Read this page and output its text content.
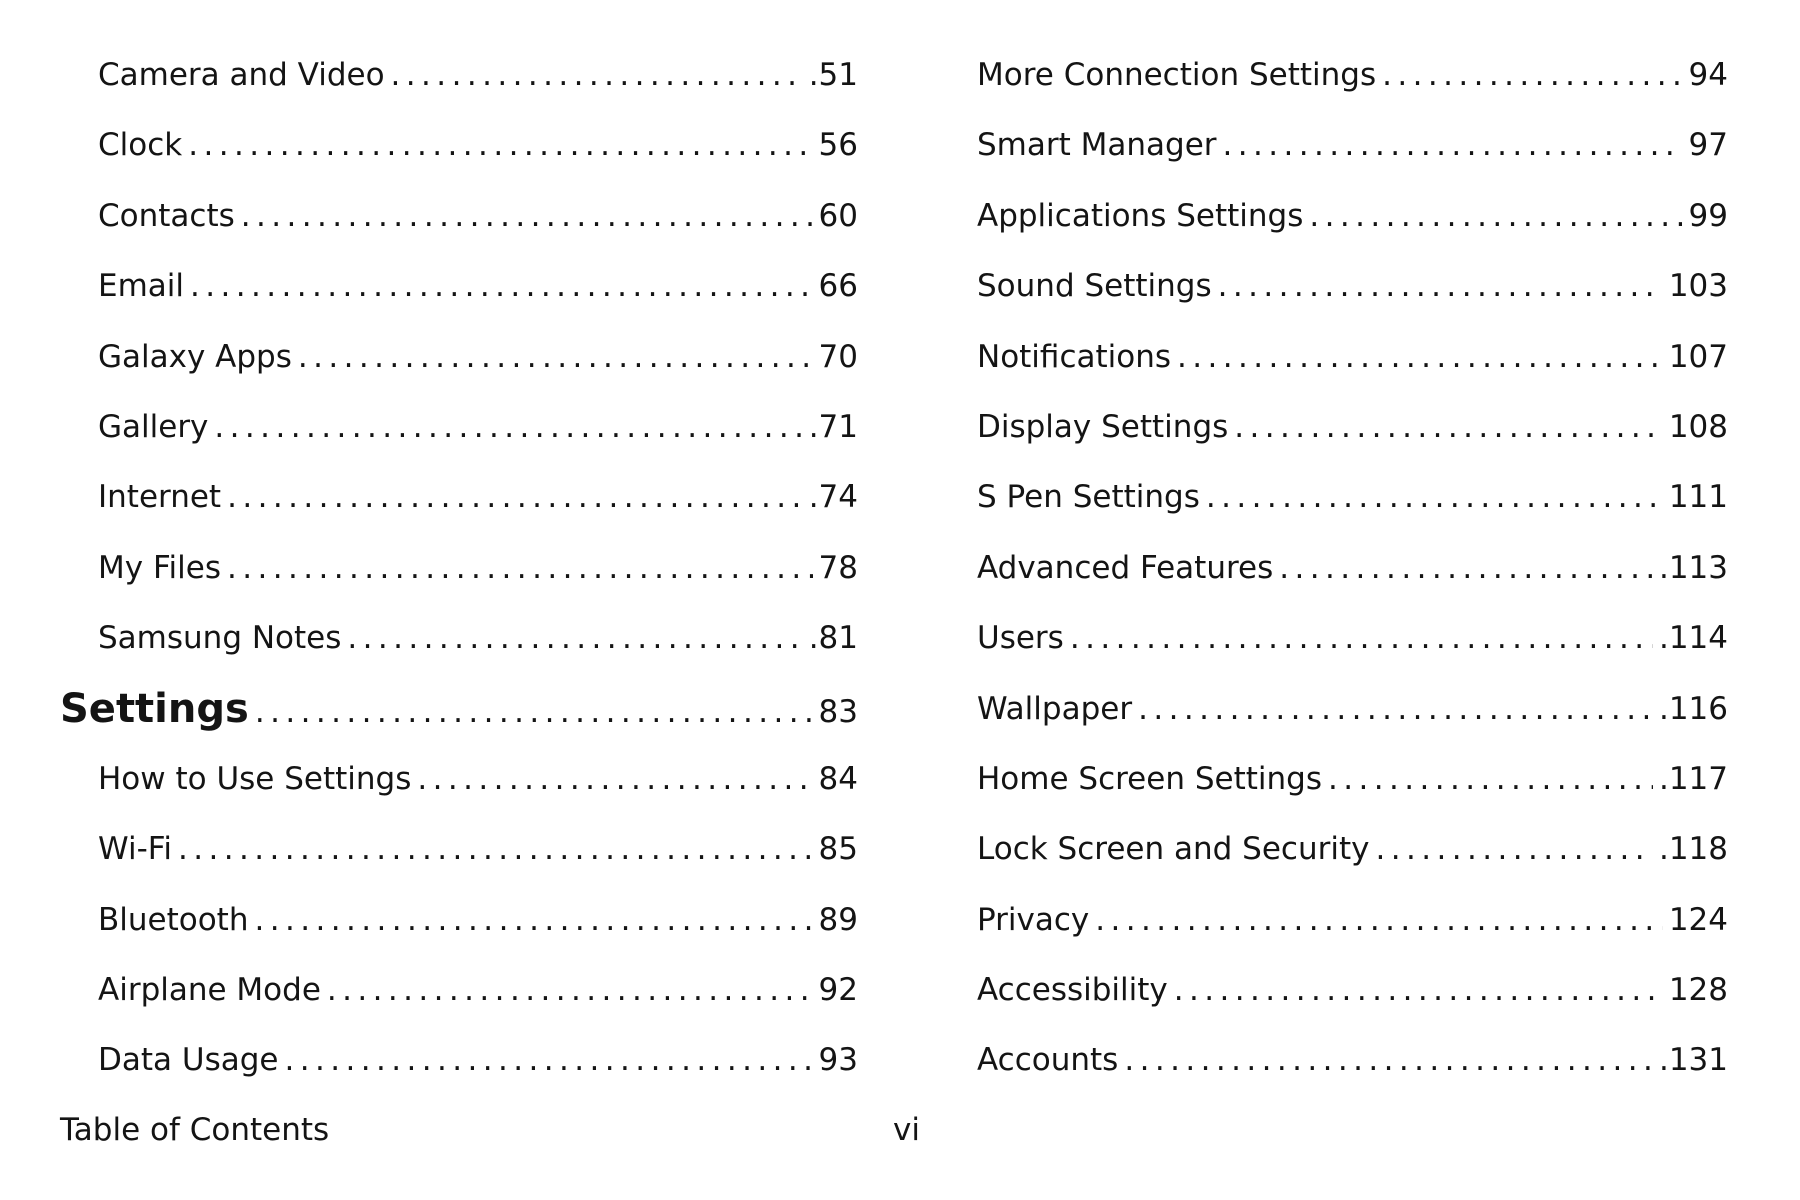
Camera and Video .....	.51
Clock .....	56
Contacts .....	60
Email .....	66
Galaxy Apps .....	70
Gallery .....	.71
Internet .....	.74
My Files .....	78
Samsung Notes .....	.81
Settings .....	83
How to Use Settings .....	84
Wi-Fi .....	85
Bluetooth .....	89
Airplane Mode .....	92
Data Usage .....	93
More Connection Settings .....	94
Smart Manager .....	97
Applications Settings .....	99
Sound Settings .....	103
Notifications .....	107
Display Settings .....	108
S Pen Settings .....	111
Advanced Features .....	.113
Users .....	.114
Wallpaper .....	.116
Home Screen Settings .....	.117
Lock Screen and Security .....	.118
Privacy .....	124
Accessibility .....	128
Accounts .....	.131
Table of Contents	vi
